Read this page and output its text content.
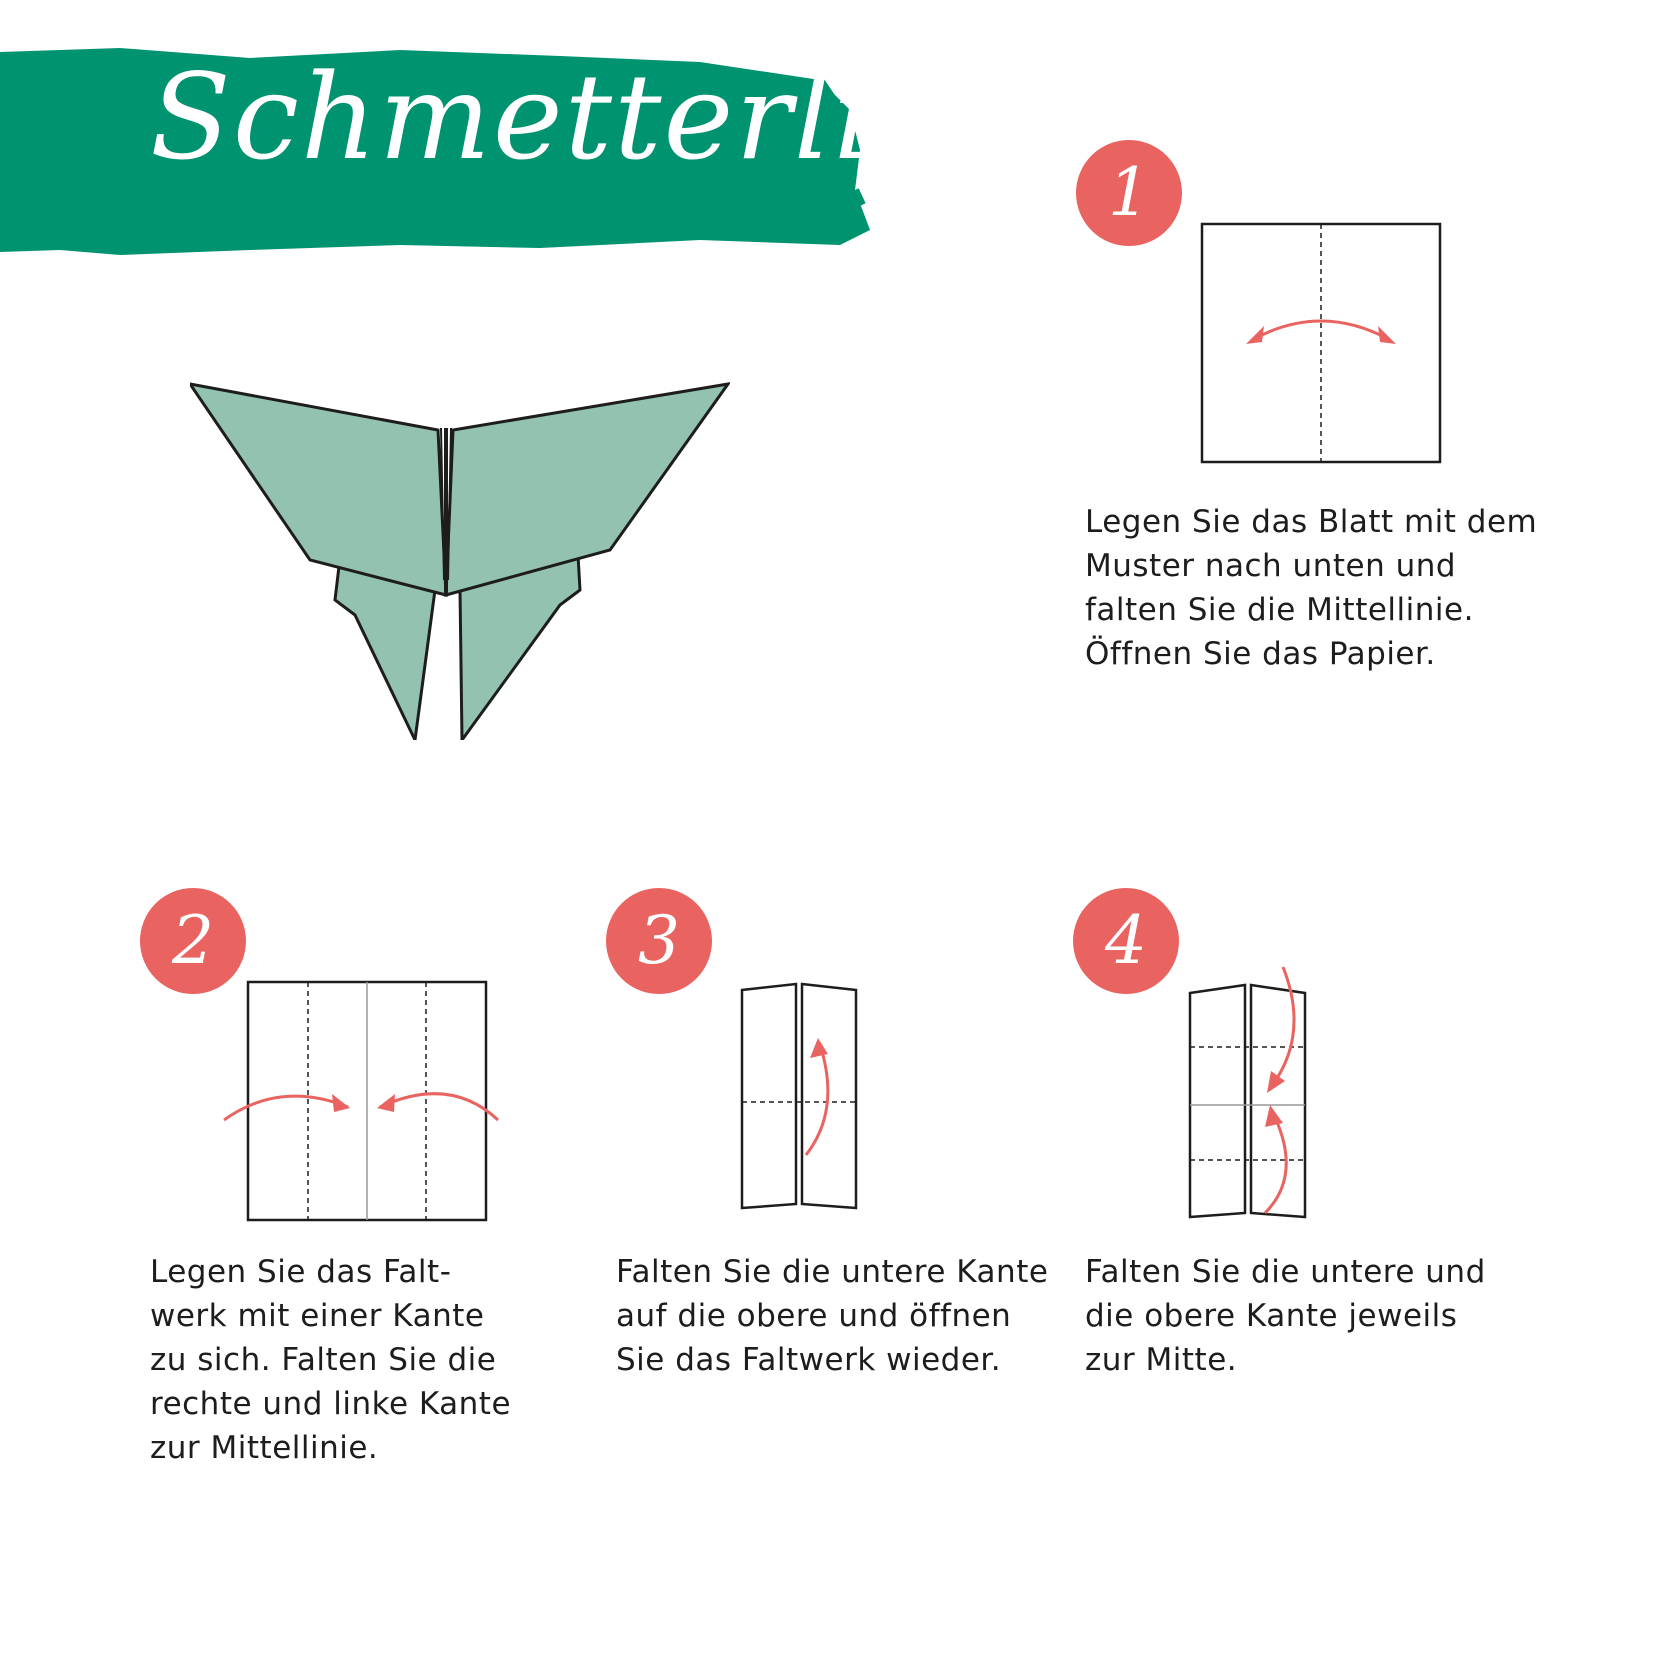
Schmetterling
1
Legen Sie das Blatt mit dem
Muster nach unten und
falten Sie die Mittellinie.
Öffnen Sie das Papier.
2
Legen Sie das Falt-
werk mit einer Kante
zu sich. Falten Sie die
rechte und linke Kante
zur Mittellinie.
3
Falten Sie die untere Kante
auf die obere und öffnen
Sie das Faltwerk wieder.
4
Falten Sie die untere und
die obere Kante jeweils
zur Mitte.
